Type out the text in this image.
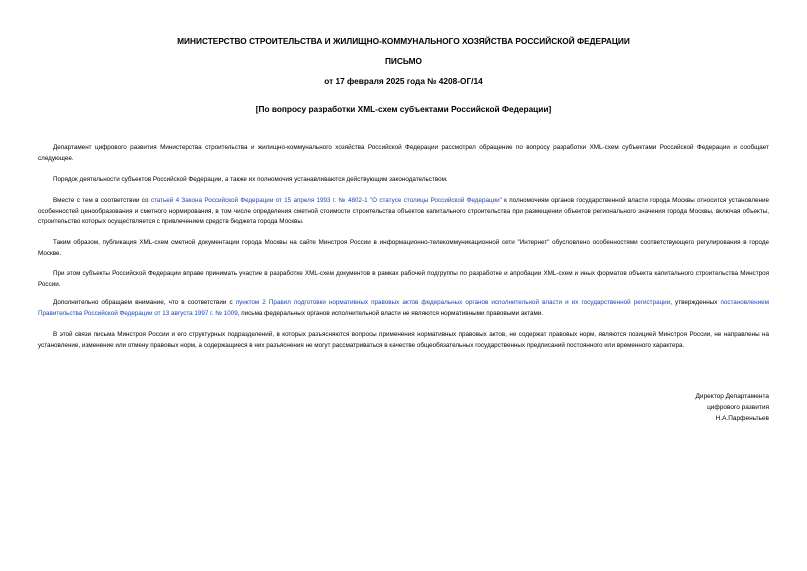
МИНИСТЕРСТВО СТРОИТЕЛЬСТВА И ЖИЛИЩНО-КОММУНАЛЬНОГО ХОЗЯЙСТВА РОССИЙСКОЙ ФЕДЕРАЦИИ
ПИСЬМО
от 17 февраля 2025 года № 4208-ОГ/14
[По вопросу разработки XML-схем субъектами Российской Федерации]

Департамент цифрового развития Министерства строительства и жилищно-коммунального хозяйства Российской Федерации рассмотрел обращение по вопросу разработки XML-схем субъектами Российской Федерации и сообщает следующее.

Порядок деятельности субъектов Российской Федерации, а также их полномочия устанавливаются действующим законодательством.

Вместе с тем в соответствии со статьей 4 Закона Российской Федерации от 15 апреля 1993 г. № 4802-1 "О статусе столицы Российской Федерации" к полномочиям органов государственной власти города Москвы относится установление особенностей ценообразования и сметного нормирования, в том числе определения сметной стоимости строительства объектов капитального строительства при размещении объектов регионального значения города Москвы, включая объекты, строительство которых осуществляется с привлечением средств бюджета города Москвы.

Таким образом, публикация XML-схем сметной документации города Москвы на сайте Минстроя России в информационно-телекоммуникационной сети "Интернет" обусловлено особенностями соответствующего регулирования в городе Москве.

При этом субъекты Российской Федерации вправе принимать участие в разработке XML-схем документов в рамках рабочей подгруппы по разработке и апробации XML-схем и иных форматов объекта капитального строительства Минстроя России.

Дополнительно обращаем внимание, что в соответствии с пунктом 2 Правил подготовки нормативных правовых актов федеральных органов исполнительной власти и их государственной регистрации, утвержденных постановлением Правительства Российской Федерации от 13 августа 1997 г. № 1009, письма федеральных органов исполнительной власти не являются нормативными правовыми актами.

В этой связи письма Минстроя России и его структурных подразделений, в которых разъясняются вопросы применения нормативных правовых актов, не содержат правовых норм, являются позицией Минстроя России, не направлены на установление, изменение или отмену правовых норм, а содержащиеся в них разъяснения не могут рассматриваться в качестве общеобязательных государственных предписаний постоянного или временного характера.

Директор Департамента
цифрового развития
Н.А.Парфеньтьев
